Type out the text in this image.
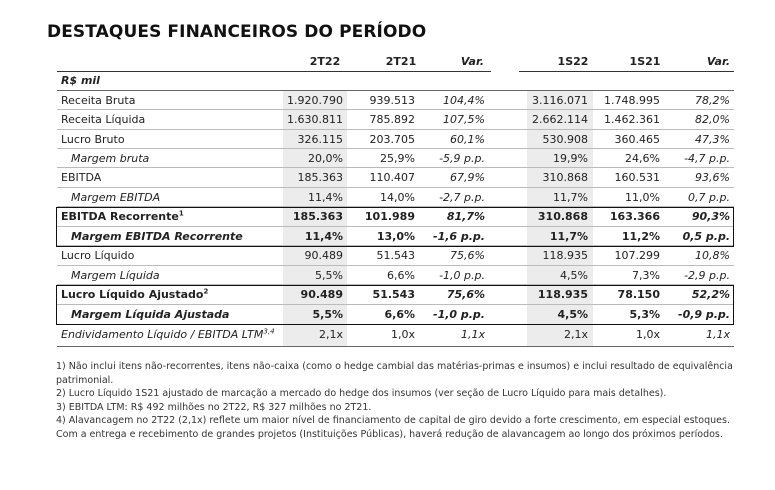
DESTAQUES FINANCEIROS DO PERÍODO
2T22	2T21	Var.	1S22	1S21	Var.
R$ mil
Receita Bruta	1.920.790	939.513	104,4%	3.116.071	1.748.995	78,2%
Receita Líquida	1.630.811	785.892	107,5%	2.662.114	1.462.361	82,0%
Lucro Bruto	326.115	203.705	60,1%	530.908	360.465	47,3%
Margem bruta	20,0%	25,9%	-5,9 p.p.	19,9%	24,6%	-4,7 p.p.
EBITDA	185.363	110.407	67,9%	310.868	160.531	93,6%
Margem EBITDA	11,4%	14,0%	-2,7 p.p.	11,7%	11,0%	0,7 p.p.
EBITDA Recorrente$^1$	185.363	101.989	81,7%	310.868	163.366	90,3%
Margem EBITDA Recorrente	11,4%	13,0%	-1,6 p.p.	11,7%	11,2%	0,5 p.p.
Lucro Líquido	90.489	51.543	75,6%	118.935	107.299	10,8%
Margem Líquida	5,5%	6,6%	-1,0 p.p.	4,5%	7,3%	-2,9 p.p.
Lucro Líquido Ajustado$^2$	90.489	51.543	75,6%	118.935	78.150	52,2%
Margem Líquida Ajustada	5,5%	6,6%	-1,0 p.p.	4,5%	5,3%	-0,9 p.p.
Endividamento Líquido / EBITDA LTM$^{3,4}$	2,1x	1,0x	1,1x	2,1x	1,0x	1,1x

1) Não inclui itens não-recorrentes, itens não-caixa (como o hedge cambial das matérias-primas e insumos) e inclui resultado de equivalência patrimonial.

2) Lucro Líquido 1S21 ajustado de marcação a mercado do hedge dos insumos (ver seção de Lucro Líquido para mais detalhes).

3) EBITDA LTM: R$ 492 milhões no 2T22, R$ 327 milhões no 2T21.

4) Alavancagem no 2T22 (2,1x) reflete um maior nível de financiamento de capital de giro devido a forte crescimento, em especial estoques. Com a entrega e recebimento de grandes projetos (Instituições Públicas), haverá redução de alavancagem ao longo dos próximos períodos.
